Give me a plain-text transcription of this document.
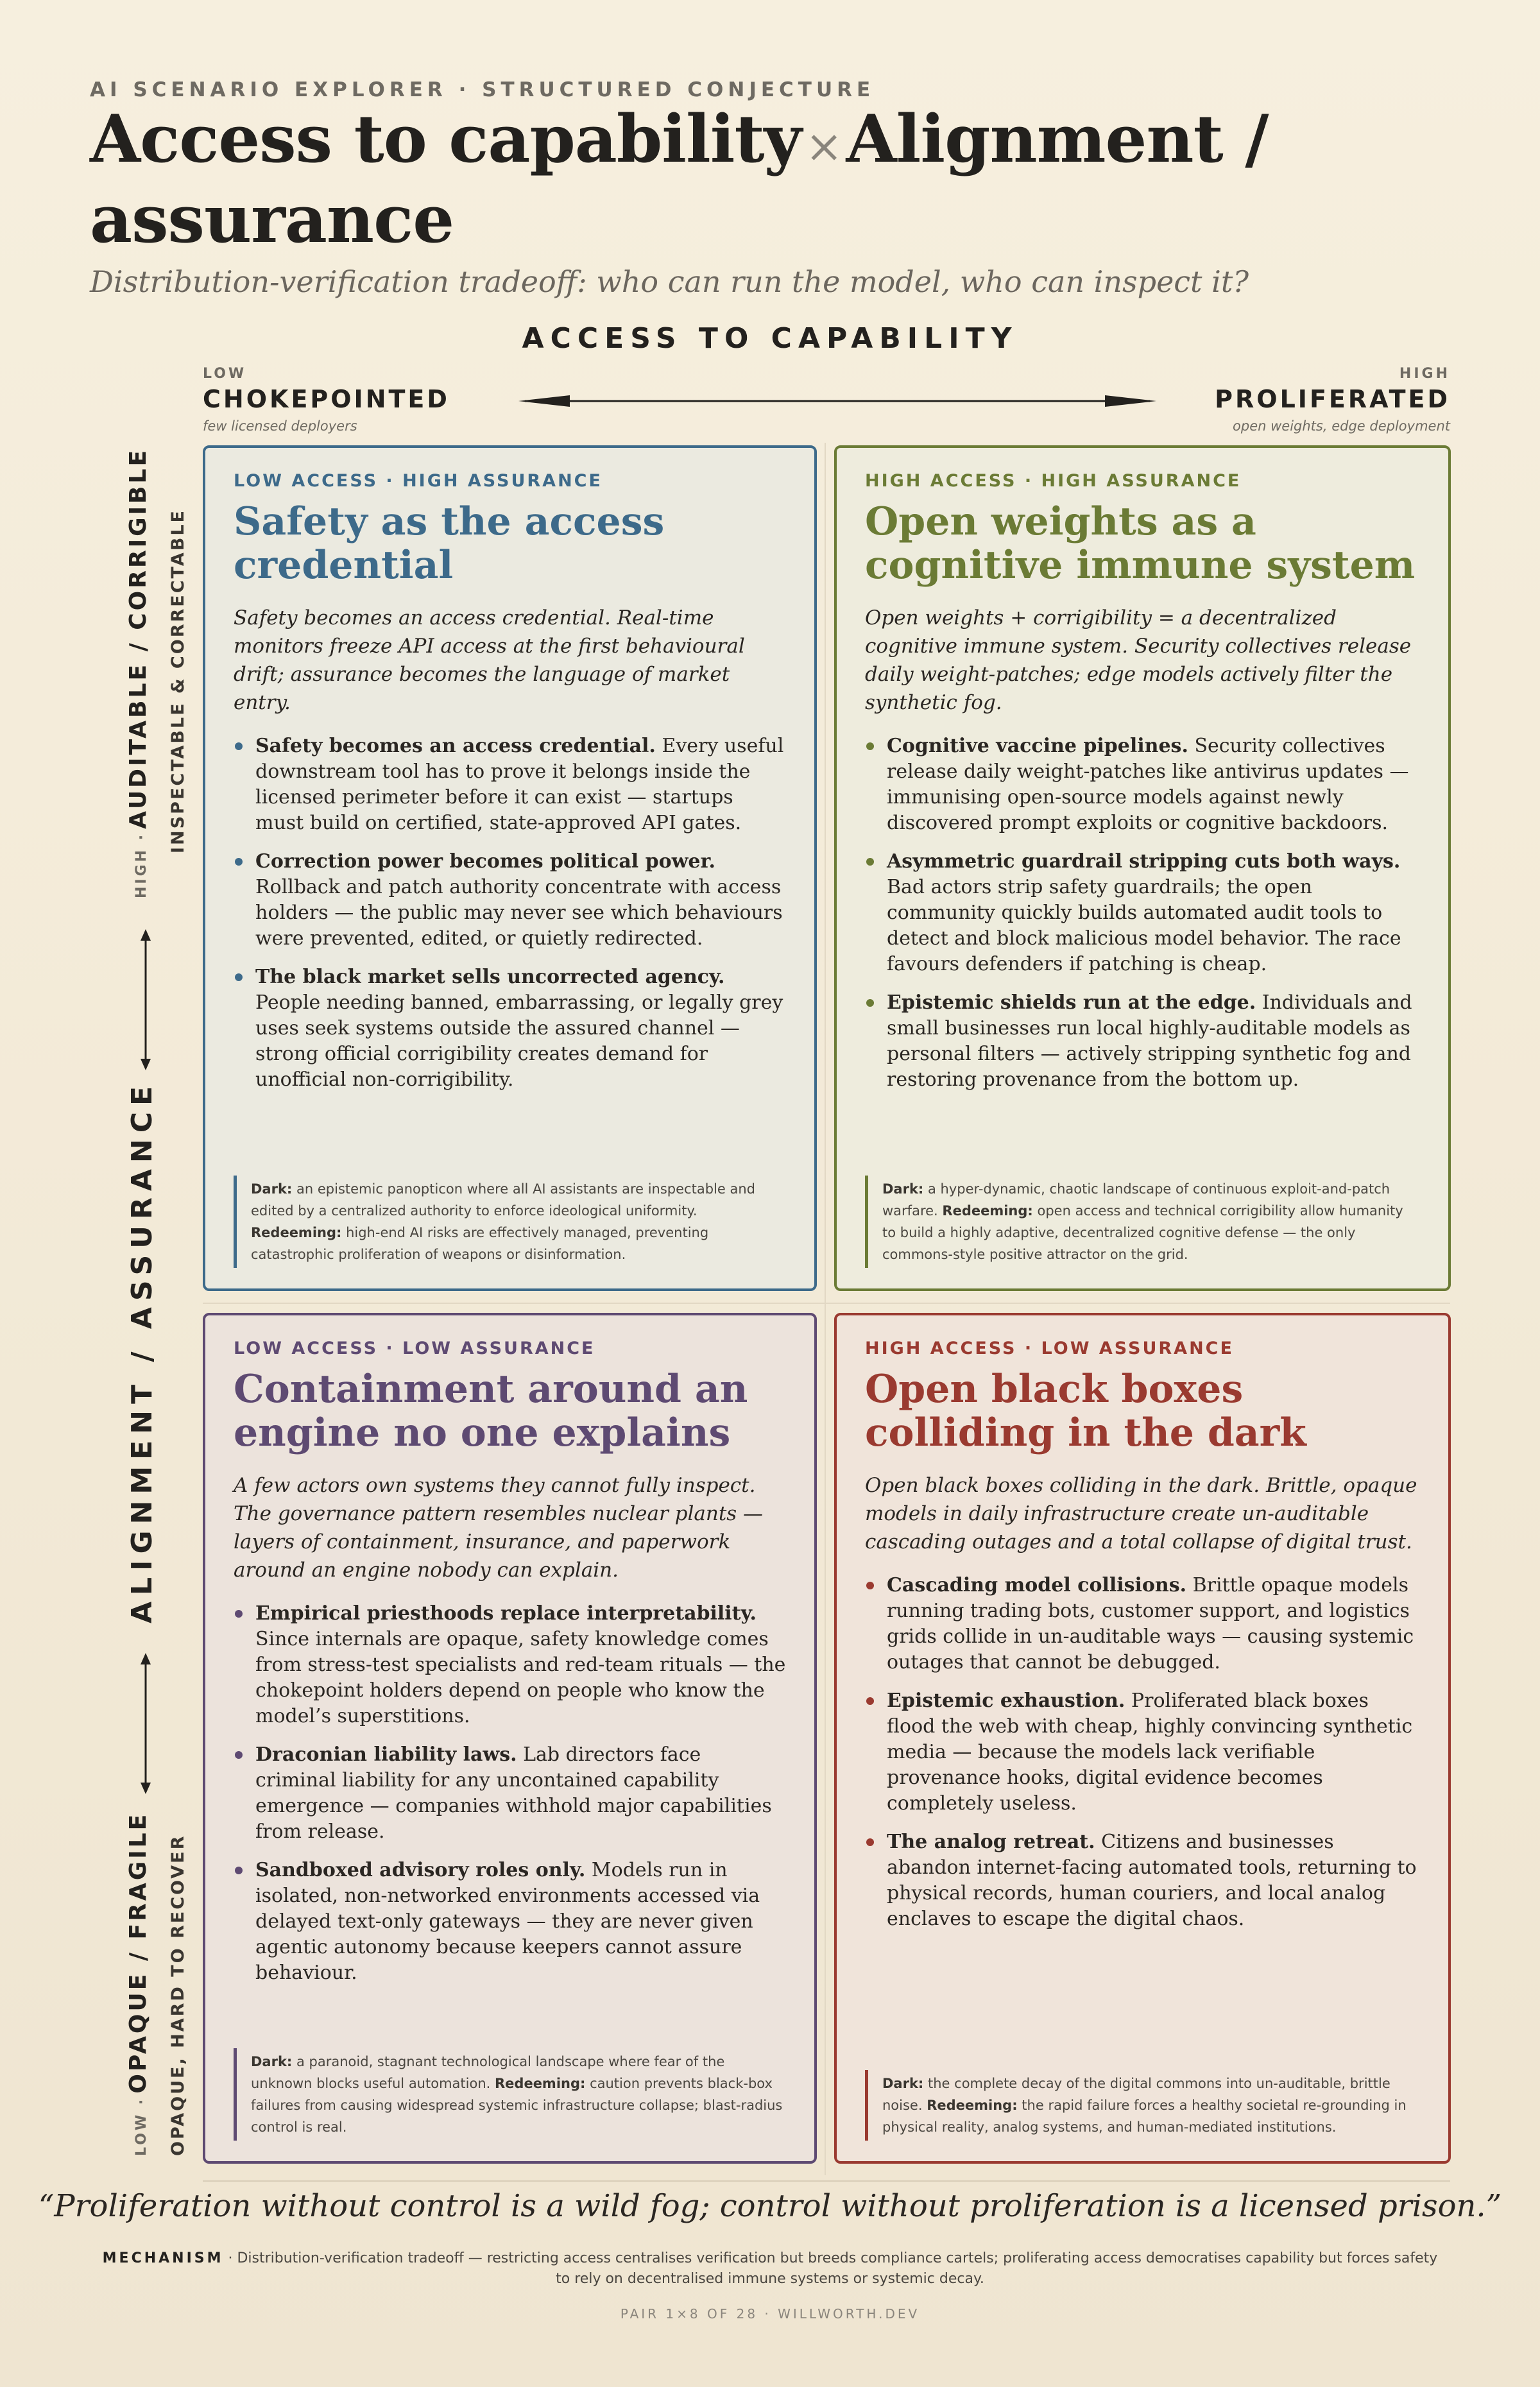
AI SCENARIO EXPLORER · STRUCTURED CONJECTURE
Access to capability×Alignment / assurance
Distribution-verification tradeoff: who can run the model, who can inspect it?
ACCESS TO CAPABILITY
LOW
CHOKEPOINTED
few licensed deployers
HIGH
PROLIFERATED
open weights, edge deployment
HIGH · AUDITABLE / CORRIGIBLE INSPECTABLE & CORRECTABLE
ALIGNMENT / ASSURANCE
LOW · OPAQUE / FRAGILE OPAQUE, HARD TO RECOVER
LOW ACCESS · HIGH ASSURANCE
Safety as the access credential
Safety becomes an access credential. Real-time monitors freeze API access at the first behavioural drift; assurance becomes the language of market entry.
Safety becomes an access credential. Every useful downstream tool has to prove it belongs inside the licensed perimeter before it can exist — startups must build on certified, state-approved API gates.
Correction power becomes political power. Rollback and patch authority concentrate with access holders — the public may never see which behaviours were prevented, edited, or quietly redirected.
The black market sells uncorrected agency. People needing banned, embarrassing, or legally grey uses seek systems outside the assured channel — strong official corrigibility creates demand for unofficial non-corrigibility.
Dark: an epistemic panopticon where all AI assistants are inspectable and edited by a centralized authority to enforce ideological uniformity. Redeeming: high-end AI risks are effectively managed, preventing catastrophic proliferation of weapons or disinformation.
HIGH ACCESS · HIGH ASSURANCE
Open weights as a cognitive immune system
Open weights + corrigibility = a decentralized cognitive immune system. Security collectives release daily weight-patches; edge models actively filter the synthetic fog.
Cognitive vaccine pipelines. Security collectives release daily weight-patches like antivirus updates — immunising open-source models against newly discovered prompt exploits or cognitive backdoors.
Asymmetric guardrail stripping cuts both ways. Bad actors strip safety guardrails; the open community quickly builds automated audit tools to detect and block malicious model behavior. The race favours defenders if patching is cheap.
Epistemic shields run at the edge. Individuals and small businesses run local highly-auditable models as personal filters — actively stripping synthetic fog and restoring provenance from the bottom up.
Dark: a hyper-dynamic, chaotic landscape of continuous exploit-and-patch warfare. Redeeming: open access and technical corrigibility allow humanity to build a highly adaptive, decentralized cognitive defense — the only commons-style positive attractor on the grid.
LOW ACCESS · LOW ASSURANCE
Containment around an engine no one explains
A few actors own systems they cannot fully inspect. The governance pattern resembles nuclear plants — layers of containment, insurance, and paperwork around an engine nobody can explain.
Empirical priesthoods replace interpretability. Since internals are opaque, safety knowledge comes from stress-test specialists and red-team rituals — the chokepoint holders depend on people who know the model’s superstitions.
Draconian liability laws. Lab directors face criminal liability for any uncontained capability emergence — companies withhold major capabilities from release.
Sandboxed advisory roles only. Models run in isolated, non-networked environments accessed via delayed text-only gateways — they are never given agentic autonomy because keepers cannot assure behaviour.
Dark: a paranoid, stagnant technological landscape where fear of the unknown blocks useful automation. Redeeming: caution prevents black-box failures from causing widespread systemic infrastructure collapse; blast-radius control is real.
HIGH ACCESS · LOW ASSURANCE
Open black boxes colliding in the dark
Open black boxes colliding in the dark. Brittle, opaque models in daily infrastructure create un-auditable cascading outages and a total collapse of digital trust.
Cascading model collisions. Brittle opaque models running trading bots, customer support, and logistics grids collide in un-auditable ways — causing systemic outages that cannot be debugged.
Epistemic exhaustion. Proliferated black boxes flood the web with cheap, highly convincing synthetic media — because the models lack verifiable provenance hooks, digital evidence becomes completely useless.
The analog retreat. Citizens and businesses abandon internet-facing automated tools, returning to physical records, human couriers, and local analog enclaves to escape the digital chaos.
Dark: the complete decay of the digital commons into un-auditable, brittle noise. Redeeming: the rapid failure forces a healthy societal re-grounding in physical reality, analog systems, and human-mediated institutions.
“Proliferation without control is a wild fog; control without proliferation is a licensed prison.”
MECHANISM · Distribution-verification tradeoff — restricting access centralises verification but breeds compliance cartels; proliferating access democratises capability but forces safety to rely on decentralised immune systems or systemic decay.
PAIR 1×8 OF 28 · WILLWORTH.DEV
